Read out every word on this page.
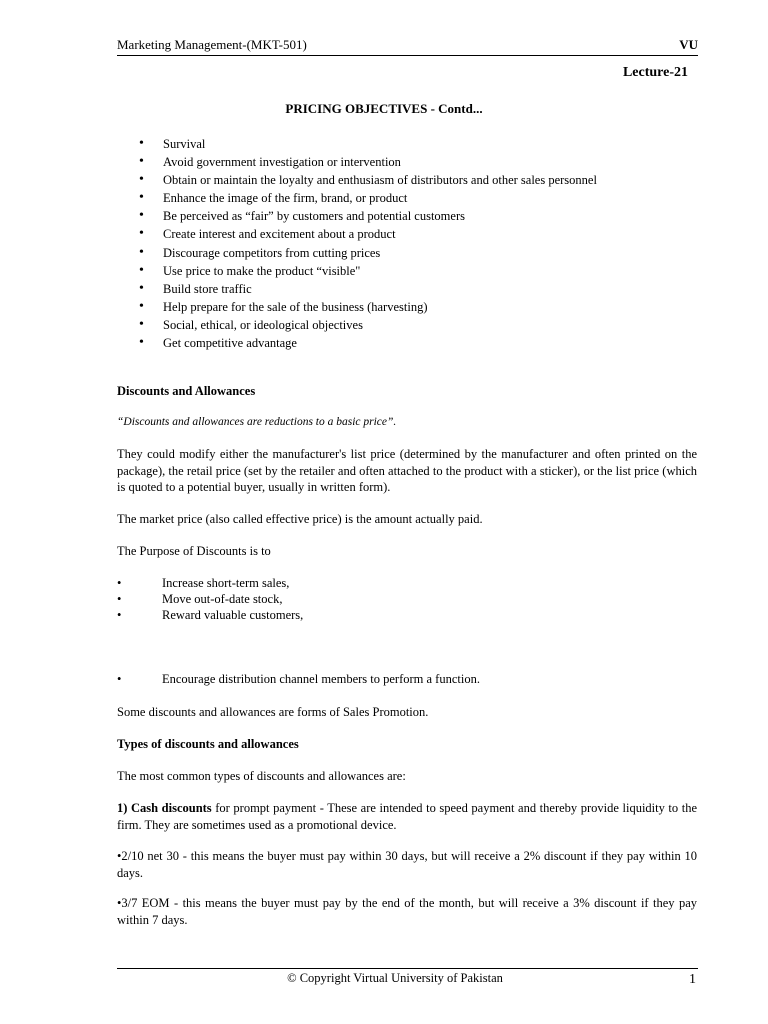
Marketing Management-(MKT-501)	VU
Lecture-21
PRICING OBJECTIVES - Contd...
• Survival
• Avoid government investigation or intervention
• Obtain or maintain the loyalty and enthusiasm of distributors and other sales personnel
• Enhance the image of the firm, brand, or product
• Be perceived as “fair” by customers and potential customers
• Create interest and excitement about a product
• Discourage competitors from cutting prices
• Use price to make the product “visible"
• Build store traffic
• Help prepare for the sale of the business (harvesting)
• Social, ethical, or ideological objectives
• Get competitive advantage
Discounts and Allowances
“Discounts and allowances are reductions to a basic price”.
They could modify either the manufacturer's list price (determined by the manufacturer and often printed on the package), the retail price (set by the retailer and often attached to the product with a sticker), or the list price (which is quoted to a potential buyer, usually in written form).
The market price (also called effective price) is the amount actually paid.
The Purpose of Discounts is to
• Increase short-term sales,
• Move out-of-date stock,
• Reward valuable customers,
• Encourage distribution channel members to perform a function.
Some discounts and allowances are forms of Sales Promotion.
Types of discounts and allowances
The most common types of discounts and allowances are:
1) Cash discounts for prompt payment - These are intended to speed payment and thereby provide liquidity to the firm. They are sometimes used as a promotional device.
•2/10 net 30 - this means the buyer must pay within 30 days, but will receive a 2% discount if they pay within 10 days.
•3/7 EOM - this means the buyer must pay by the end of the month, but will receive a 3% discount if they pay within 7 days.
© Copyright Virtual University of Pakistan	1
